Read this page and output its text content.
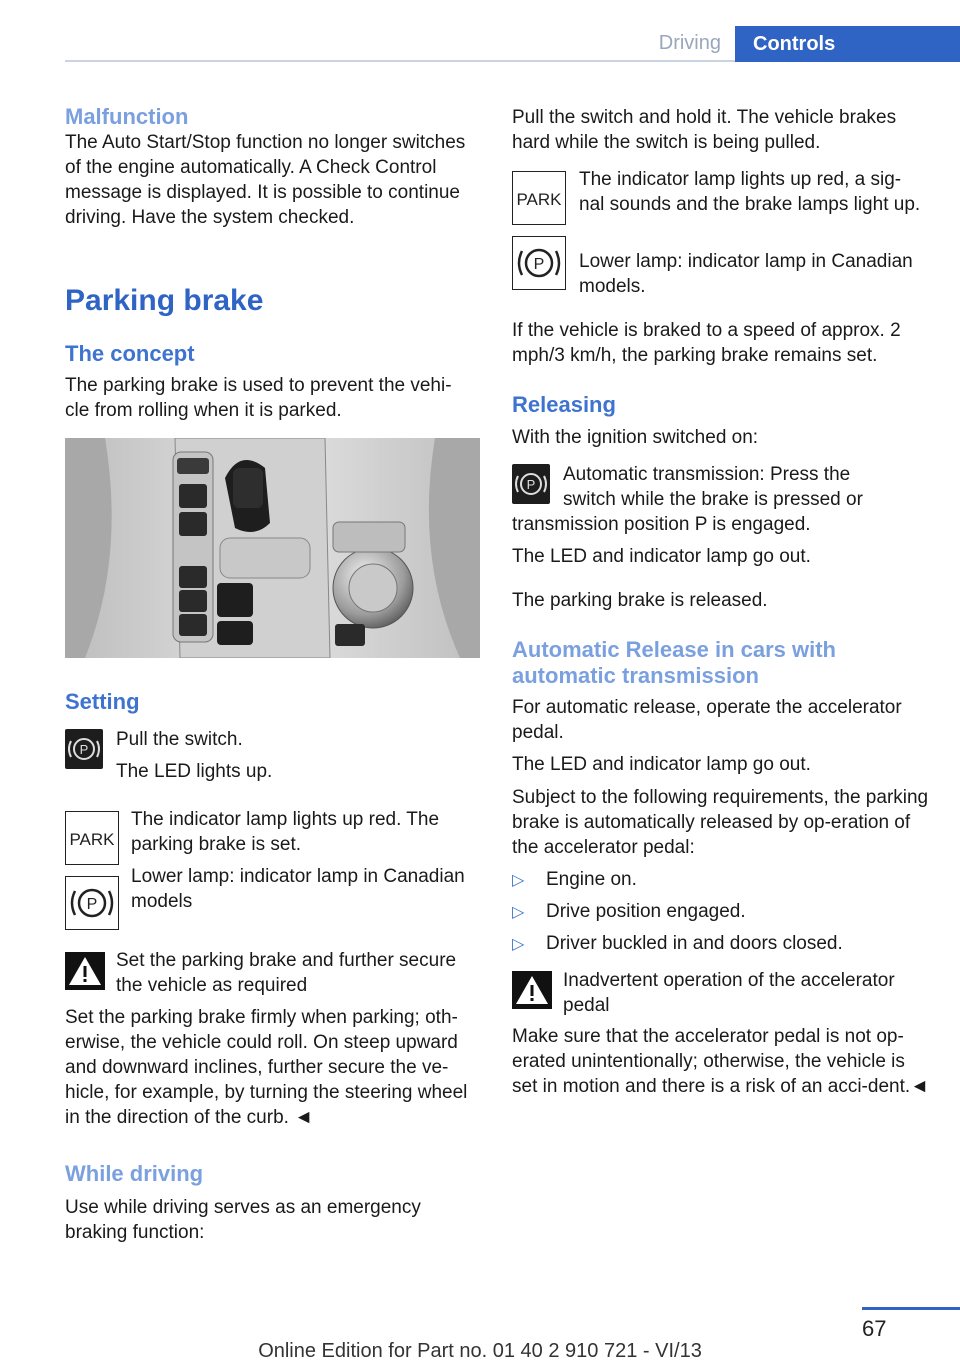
Driving	Controls

Malfunction

The Auto Start/Stop function no longer switches of the engine automatically. A Check Control message is displayed. It is possible to continue driving. Have the system checked.

Parking brake

The concept

The parking brake is used to prevent the vehi‐cle from rolling when it is parked.

Setting

P Pull the switch.

The LED lights up.

PARK

The indicator lamp lights up red. The parking brake is set.

P

Lower lamp: indicator lamp in Canadian models

Set the parking brake and further secure the vehicle as required

Set the parking brake firmly when parking; oth‐erwise, the vehicle could roll. On steep upward and downward inclines, further secure the ve‐hicle, for example, by turning the steering wheel in the direction of the curb. ◄

While driving

Use while driving serves as an emergency braking function:

Pull the switch and hold it. The vehicle brakes hard while the switch is being pulled.

PARK

The indicator lamp lights up red, a sig‐nal sounds and the brake lamps light up.

P Lower lamp: indicator lamp in Canadian models.

If the vehicle is braked to a speed of approx. 2 mph/3 km/h, the parking brake remains set.

Releasing

With the ignition switched on:

P Automatic transmission: Press the

switch while the brake is pressed or

transmission position P is engaged.

The LED and indicator lamp go out.

The parking brake is released.

Automatic Release in cars with automatic transmission

For automatic release, operate the accelerator pedal.

The LED and indicator lamp go out.

Subject to the following requirements, the parking brake is automatically released by op‐eration of the accelerator pedal:

▷ Engine on.
▷ Drive position engaged.
▷ Driver buckled in and doors closed.

Inadvertent operation of the accelerator pedal

Make sure that the accelerator pedal is not op‐erated unintentionally; otherwise, the vehicle is set in motion and there is a risk of an acci‐dent.◄

67
Online Edition for Part no. 01 40 2 910 721 - VI/13
